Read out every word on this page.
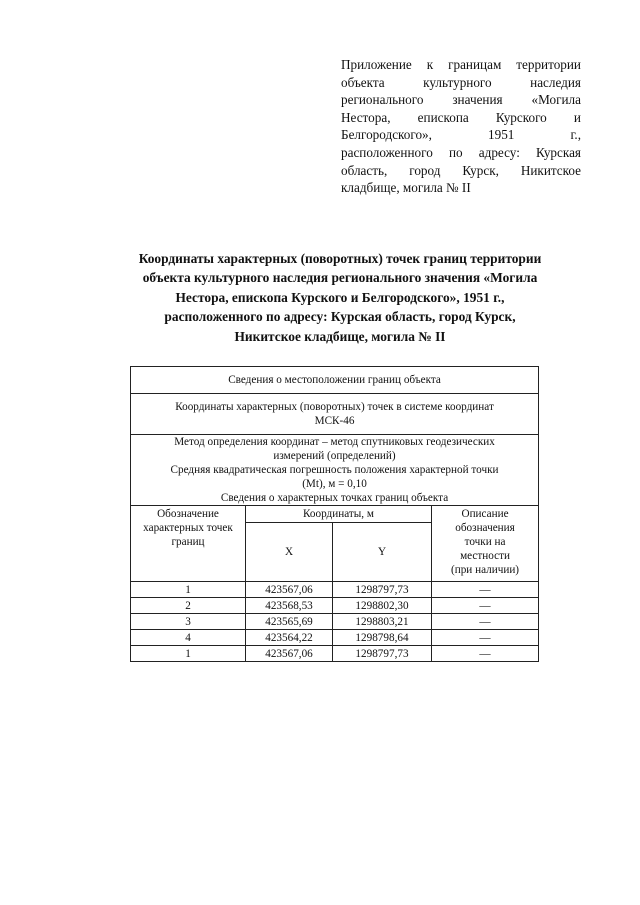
Приложение к границам территории
объекта культурного наследия
регионального значения «Могила
Нестора, епископа Курского и
Белгородского», 1951 г.,
расположенного по адресу: Курская
область, город Курск, Никитское
кладбище, могила № II
Координаты характерных (поворотных) точек границ территории
объекта культурного наследия регионального значения «Могила
Нестора, епископа Курского и Белгородского», 1951 г.,
расположенного по адресу: Курская область, город Курск,
Никитское кладбище, могила № II
Сведения о местоположении границ объекта			

Координаты характерных (поворотных) точек в системе координат
МСК-46			

Метод определения координат – метод спутниковых геодезических
измерений (определений)
Средняя квадратическая погрешность положения характерной точки
(Mt), м = 0,10
Сведения о характерных точках границ объекта			

Обозначение
характерных точек
границ	Координаты, м		Описание
обозначения
точки на
местности
(при наличии)

	X	Y	
1	423567,06	1298797,73	—
2	423568,53	1298802,30	—
3	423565,69	1298803,21	—
4	423564,22	1298798,64	—
1	423567,06	1298797,73	—
